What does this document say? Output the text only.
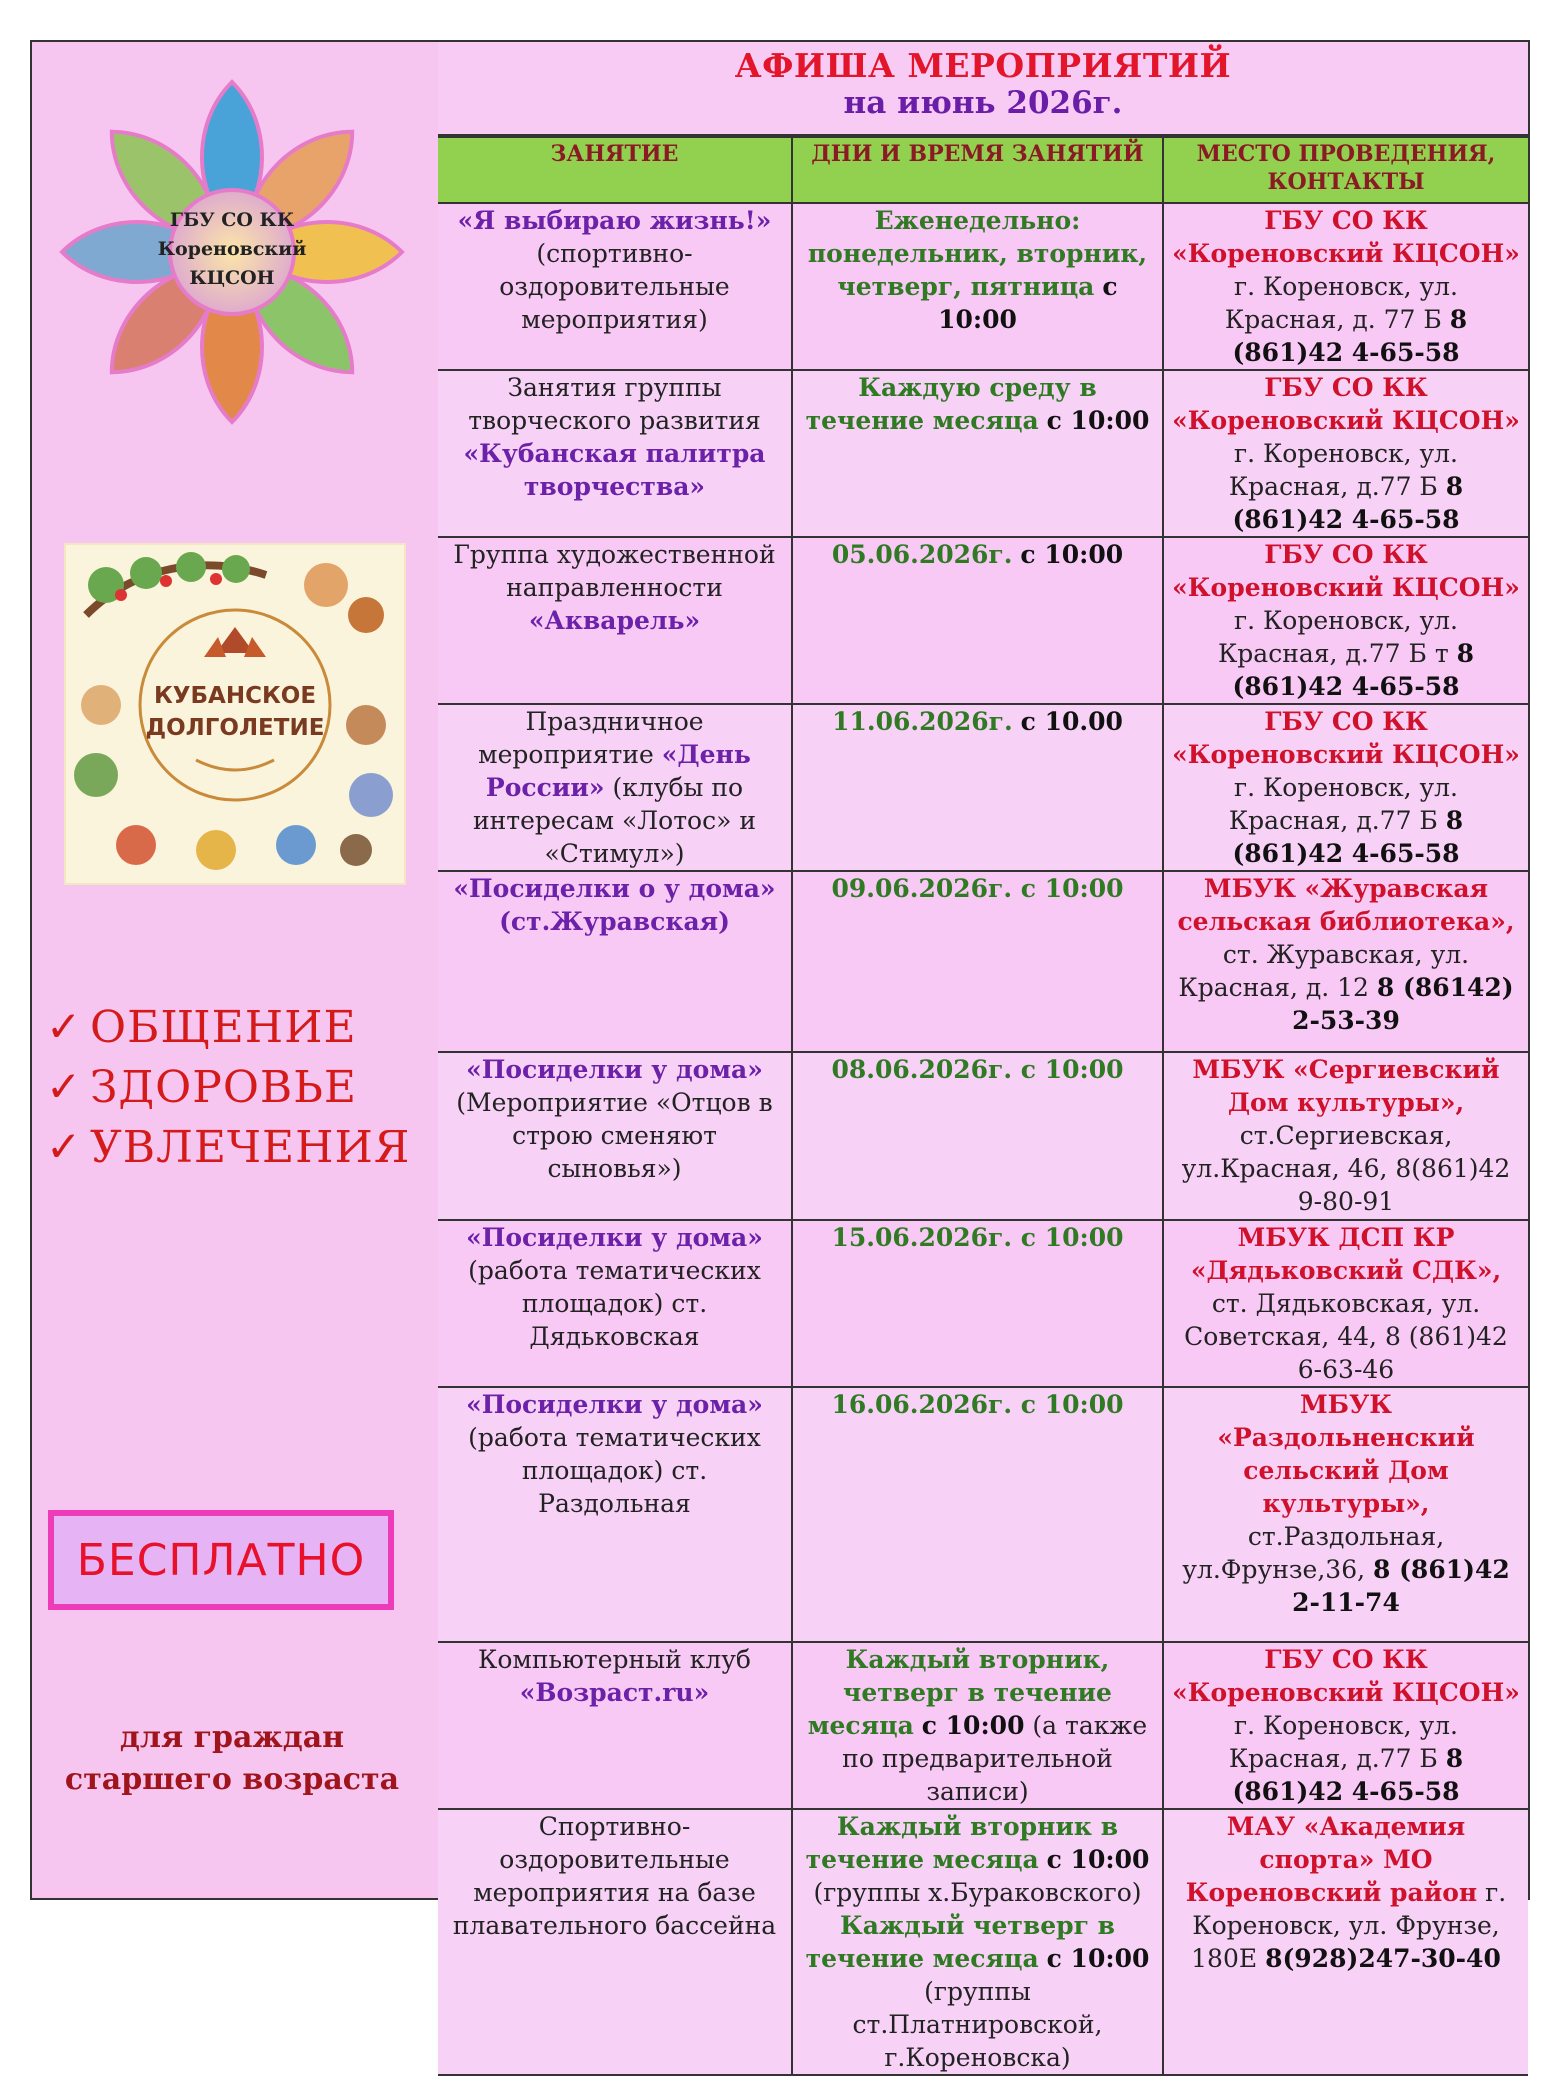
ГБУ СО КК
Кореновский
КЦСОН
КУБАНСКОЕ
ДОЛГОЛЕТИЕ
✓ ОБЩЕНИЕ
✓ ЗДОРОВЬЕ
✓ УВЛЕЧЕНИЯ
БЕСПЛАТНО
для граждан старшего возраста
АФИША МЕРОПРИЯТИЙ
на июнь 2026г.
ЗАНЯТИЕ	ДНИ И ВРЕМЯ ЗАНЯТИЙ	МЕСТО ПРОВЕДЕНИЯ, КОНТАКТЫ
«Я выбираю жизнь!» (спортивно-оздоровительные мероприятия)	Еженедельно: понедельник, вторник, четверг, пятница с 10:00	ГБУ СО КК «Кореновский КЦСОН» г. Кореновск, ул. Красная, д. 77 Б 8 (861)42 4-65-58
Занятия группы творческого развития «Кубанская палитра творчества»	Каждую среду в течение месяца с 10:00	ГБУ СО КК «Кореновский КЦСОН» г. Кореновск, ул. Красная, д.77 Б 8 (861)42 4-65-58
Группа художественной направленности «Акварель»	05.06.2026г. с 10:00	ГБУ СО КК «Кореновский КЦСОН» г. Кореновск, ул. Красная, д.77 Б т 8 (861)42 4-65-58
Праздничное мероприятие «День России» (клубы по интересам «Лотос» и «Стимул»)	11.06.2026г. с 10.00	ГБУ СО КК «Кореновский КЦСОН» г. Кореновск, ул. Красная, д.77 Б 8 (861)42 4-65-58
«Посиделки о у дома» (ст.Журавская)	09.06.2026г. с 10:00	МБУК «Журавская сельская библиотека», ст. Журавская, ул. Красная, д. 12 8 (86142) 2-53-39
«Посиделки у дома» (Мероприятие «Отцов в строю сменяют сыновья»)	08.06.2026г. с 10:00	МБУК «Сергиевский Дом культуры», ст.Сергиевская, ул.Красная, 46, 8(861)42 9-80-91
«Посиделки у дома» (работа тематических площадок) ст. Дядьковская	15.06.2026г. с 10:00	МБУК ДСП КР «Дядьковский СДК», ст. Дядьковская, ул. Советская, 44, 8 (861)42 6-63-46
«Посиделки у дома» (работа тематических площадок) ст. Раздольная	16.06.2026г. с 10:00	МБУК «Раздольненский сельский Дом культуры», ст.Раздольная, ул.Фрунзе,36, 8 (861)42 2-11-74
Компьютерный клуб «Возраст.ru»	Каждый вторник, четверг в течение месяца с 10:00 (а также по предварительной записи)	ГБУ СО КК «Кореновский КЦСОН» г. Кореновск, ул. Красная, д.77 Б 8 (861)42 4-65-58
Спортивно-оздоровительные мероприятия на базе плавательного бассейна	Каждый вторник в течение месяца с 10:00 (группы х.Бураковского) Каждый четверг в течение месяца с 10:00 (группы ст.Платнировской, г.Кореновска)	МАУ «Академия спорта» МО Кореновский район г. Кореновск, ул. Фрунзе, 180Е 8(928)247-30-40
